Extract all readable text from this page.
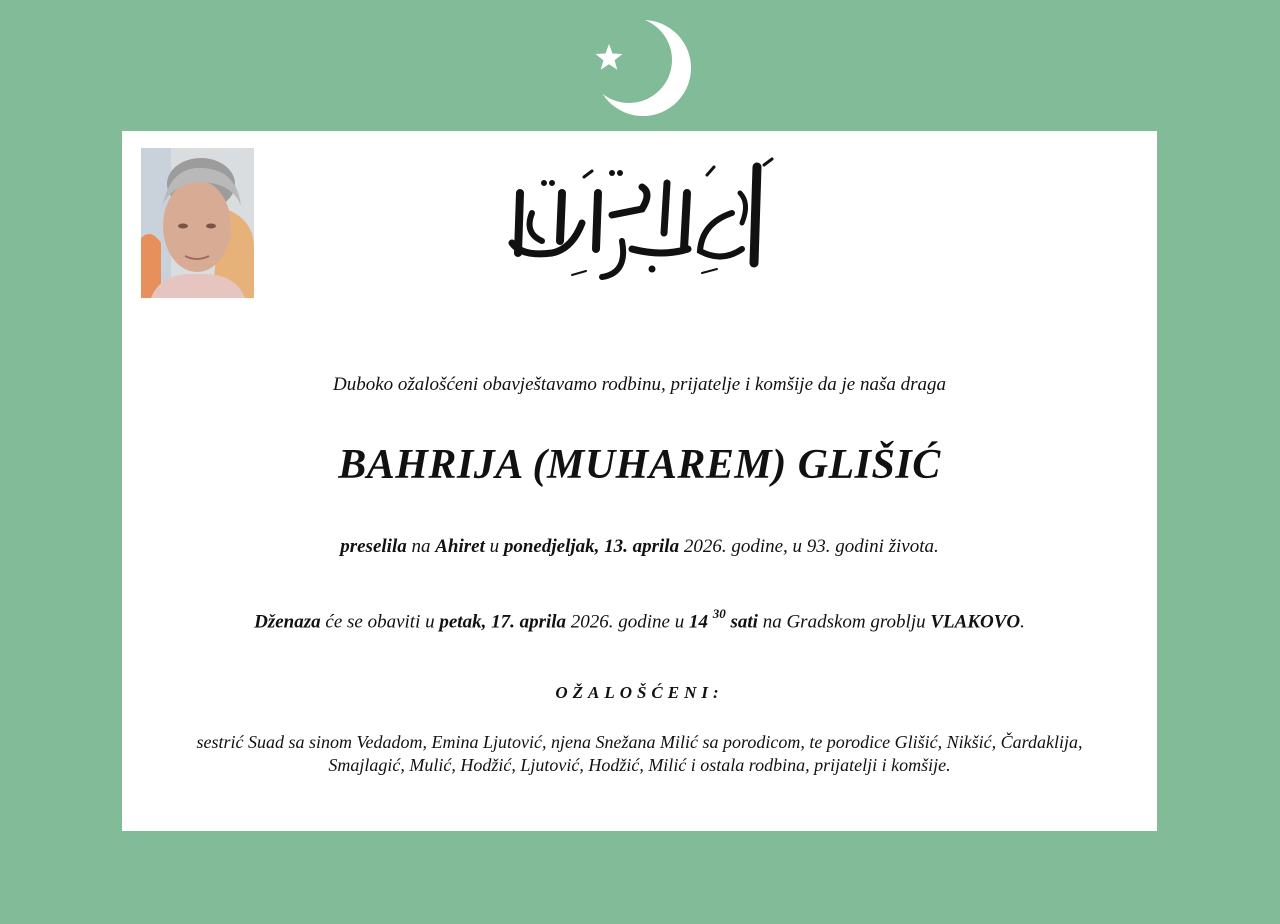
Duboko ožalošćeni obavještavamo rodbinu, prijatelje i komšije da je naša draga
BAHRIJA (MUHAREM) GLIŠIĆ
preselila na Ahiret u ponedjeljak, 13. aprila 2026. godine, u 93. godini života.
Dženaza će se obaviti u petak, 17. aprila 2026. godine u 14 $^{30}$ sati na Gradskom groblju VLAKOVO.
OŽALOŠĆENI:
sestrić Suad sa sinom Vedadom, Emina Ljutović, njena Snežana Milić sa porodicom, te porodice Glišić, Nikšić, Čardaklija,
Smajlagić, Mulić, Hodžić, Ljutović, Hodžić, Milić i ostala rodbina, prijatelji i komšije.
